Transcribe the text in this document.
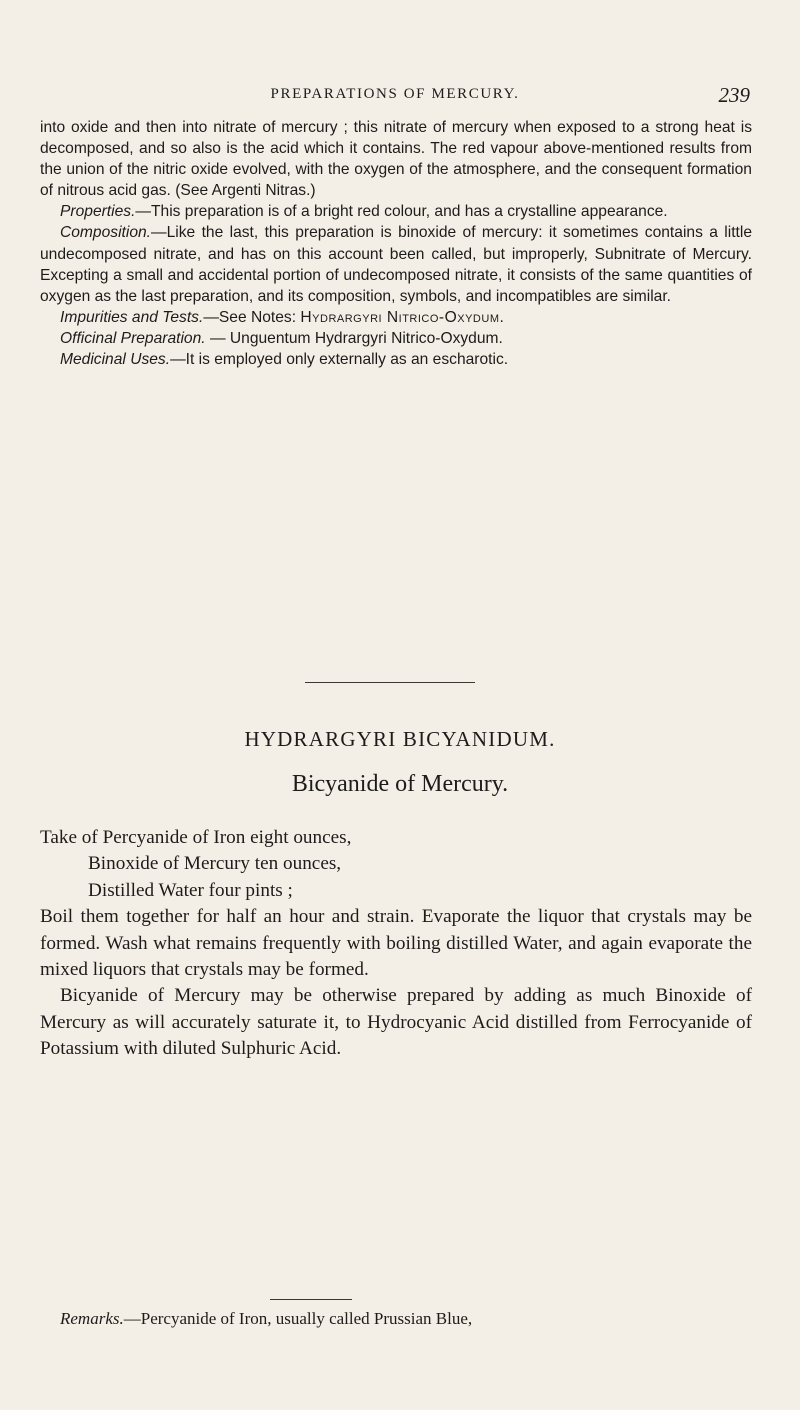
PREPARATIONS OF MERCURY.	239

into oxide and then into nitrate of mercury ; this nitrate of mercury when exposed to a strong heat is decomposed, and so also is the acid which it contains. The red vapour above-mentioned results from the union of the nitric oxide evolved, with the oxygen of the atmosphere, and the consequent formation of nitrous acid gas. (See Argenti Nitras.)

Properties.—This preparation is of a bright red colour, and has a crystalline appearance.

Composition.—Like the last, this preparation is binoxide of mercury: it sometimes contains a little undecomposed nitrate, and has on this account been called, but improperly, Subnitrate of Mercury. Excepting a small and accidental portion of undecomposed nitrate, it consists of the same quantities of oxygen as the last preparation, and its composition, symbols, and incompatibles are similar.

Impurities and Tests.—See Notes: Hydrargyri Nitrico-Oxydum.

Officinal Preparation. — Unguentum Hydrargyri Nitrico-Oxydum.

Medicinal Uses.—It is employed only externally as an escharotic.

HYDRARGYRI BICYANIDUM.
Bicyanide of Mercury.

Take of Percyanide of Iron eight ounces,

Binoxide of Mercury ten ounces,

Distilled Water four pints ;

Boil them together for half an hour and strain. Evaporate the liquor that crystals may be formed. Wash what remains frequently with boiling distilled Water, and again evaporate the mixed liquors that crystals may be formed.

Bicyanide of Mercury may be otherwise prepared by adding as much Binoxide of Mercury as will accurately saturate it, to Hydrocyanic Acid distilled from Ferrocyanide of Potassium with diluted Sulphuric Acid.

Remarks.—Percyanide of Iron, usually called Prussian Blue,
